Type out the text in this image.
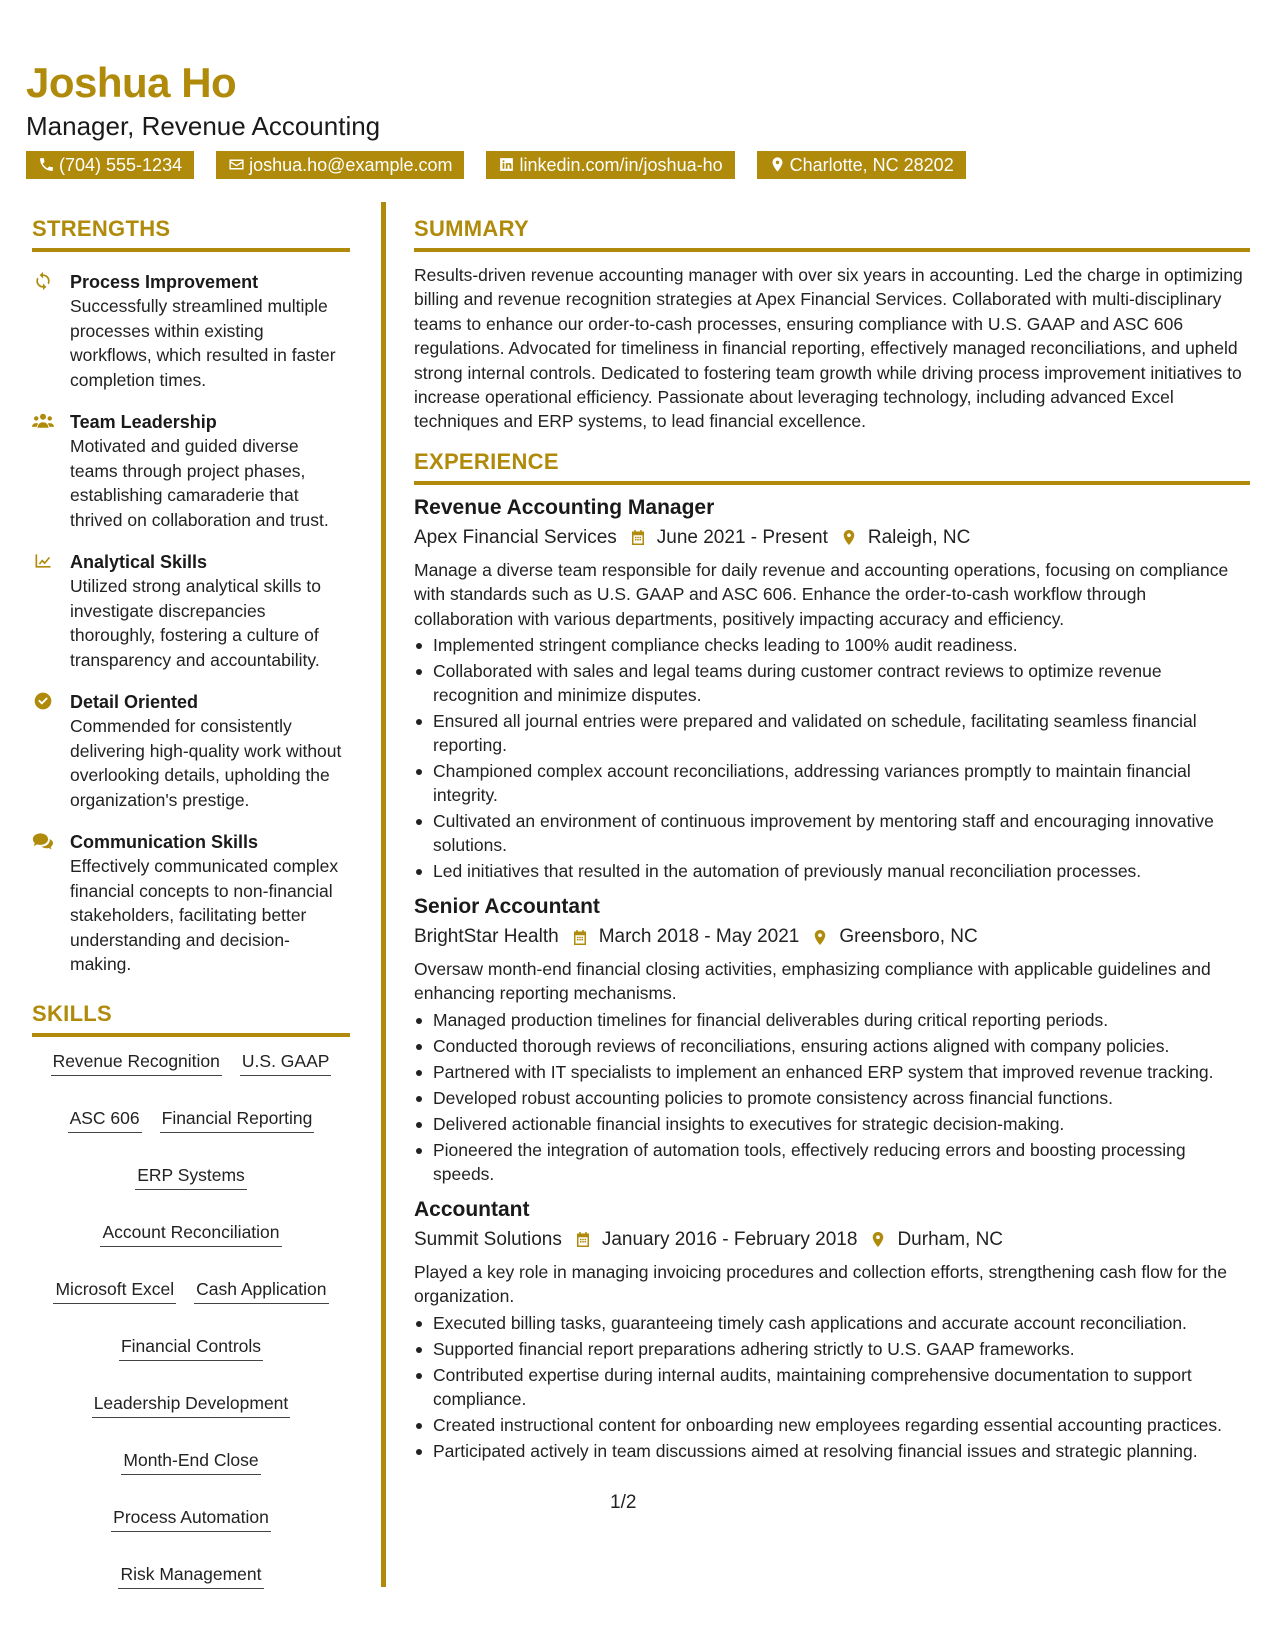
Joshua Ho
Manager, Revenue Accounting
(704) 555-1234	joshua.ho@example.com	linkedin.com/in/joshua-ho	Charlotte, NC 28202
STRENGTHS
Process Improvement
Successfully streamlined multiple processes within existing workflows, which resulted in faster completion times.
Team Leadership
Motivated and guided diverse teams through project phases, establishing camaraderie that thrived on collaboration and trust.
Analytical Skills
Utilized strong analytical skills to investigate discrepancies thoroughly, fostering a culture of transparency and accountability.
Detail Oriented
Commended for consistently delivering high-quality work without overlooking details, upholding the organization's prestige.
Communication Skills
Effectively communicated complex financial concepts to non-financial stakeholders, facilitating better understanding and decision-making.
SKILLS
Revenue Recognition U.S. GAAP
ASC 606 Financial Reporting
ERP Systems
Account Reconciliation
Microsoft Excel Cash Application
Financial Controls
Leadership Development
Month-End Close
Process Automation
Risk Management
SUMMARY
Results-driven revenue accounting manager with over six years in accounting. Led the charge in optimizing billing and revenue recognition strategies at Apex Financial Services. Collaborated with multi-disciplinary teams to enhance our order-to-cash processes, ensuring compliance with U.S. GAAP and ASC 606 regulations. Advocated for timeliness in financial reporting, effectively managed reconciliations, and upheld strong internal controls. Dedicated to fostering team growth while driving process improvement initiatives to increase operational efficiency. Passionate about leveraging technology, including advanced Excel techniques and ERP systems, to lead financial excellence.
EXPERIENCE
Revenue Accounting Manager
Apex Financial Services June 2021 - Present Raleigh, NC
Manage a diverse team responsible for daily revenue and accounting operations, focusing on compliance with standards such as U.S. GAAP and ASC 606. Enhance the order-to-cash workflow through collaboration with various departments, positively impacting accuracy and efficiency.
Implemented stringent compliance checks leading to 100% audit readiness.
Collaborated with sales and legal teams during customer contract reviews to optimize revenue recognition and minimize disputes.
Ensured all journal entries were prepared and validated on schedule, facilitating seamless financial reporting.
Championed complex account reconciliations, addressing variances promptly to maintain financial integrity.
Cultivated an environment of continuous improvement by mentoring staff and encouraging innovative solutions.
Led initiatives that resulted in the automation of previously manual reconciliation processes.
Senior Accountant
BrightStar Health March 2018 - May 2021 Greensboro, NC
Oversaw month-end financial closing activities, emphasizing compliance with applicable guidelines and enhancing reporting mechanisms.
Managed production timelines for financial deliverables during critical reporting periods.
Conducted thorough reviews of reconciliations, ensuring actions aligned with company policies.
Partnered with IT specialists to implement an enhanced ERP system that improved revenue tracking.
Developed robust accounting policies to promote consistency across financial functions.
Delivered actionable financial insights to executives for strategic decision-making.
Pioneered the integration of automation tools, effectively reducing errors and boosting processing speeds.
Accountant
Summit Solutions January 2016 - February 2018 Durham, NC
Played a key role in managing invoicing procedures and collection efforts, strengthening cash flow for the organization.
Executed billing tasks, guaranteeing timely cash applications and accurate account reconciliation.
Supported financial report preparations adhering strictly to U.S. GAAP frameworks.
Contributed expertise during internal audits, maintaining comprehensive documentation to support compliance.
Created instructional content for onboarding new employees regarding essential accounting practices.
Participated actively in team discussions aimed at resolving financial issues and strategic planning.
1/2
